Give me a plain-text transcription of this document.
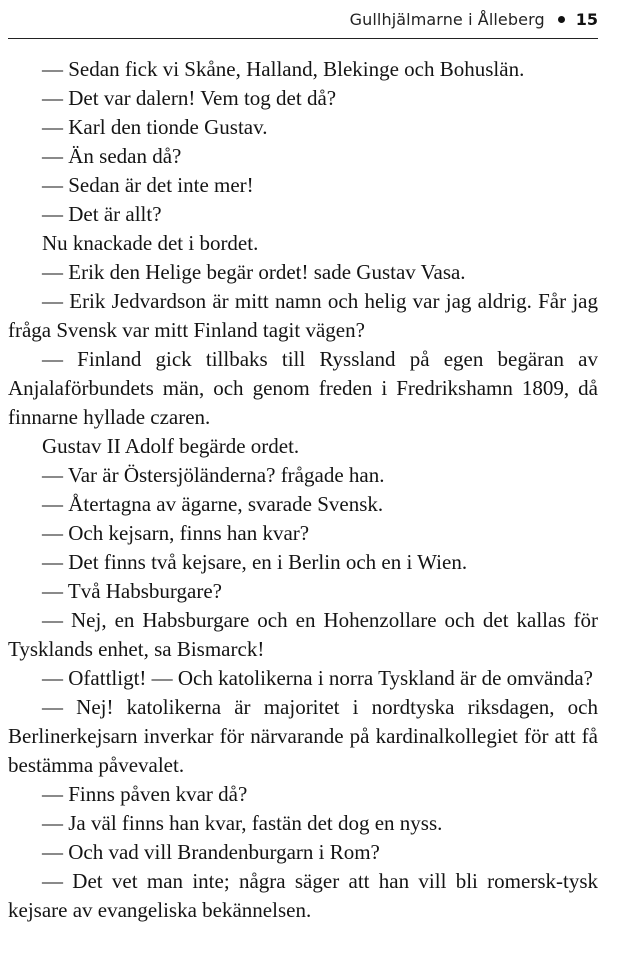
Gullhjälmarne i Ålleberg 15

— Sedan fick vi Skåne, Halland, Blekinge och Bohuslän.

— Det var dalern! Vem tog det då?

— Karl den tionde Gustav.

— Än sedan då?

— Sedan är det inte mer!

— Det är allt?

Nu knackade det i bordet.

— Erik den Helige begär ordet! sade Gustav Vasa.

— Erik Jedvardson är mitt namn och helig var jag aldrig. Får jag fråga Svensk var mitt Finland tagit vägen?

— Finland gick tillbaks till Ryssland på egen begäran av Anjalaförbundets män, och genom freden i Fredrikshamn 1809, då finnarne hyllade czaren.

Gustav II Adolf begärde ordet.

— Var är Östersjöländerna? frågade han.

— Återtagna av ägarne, svarade Svensk.

— Och kejsarn, finns han kvar?

— Det finns två kejsare, en i Berlin och en i Wien.

— Två Habsburgare?

— Nej, en Habsburgare och en Hohenzollare och det kallas för Tysklands enhet, sa Bismarck!

— Ofattligt! — Och katolikerna i norra Tyskland är de omvända?

— Nej! katolikerna är majoritet i nordtyska riksdagen, och Berlinerkejsarn inverkar för närvarande på kardinalkollegiet för att få bestämma påvevalet.

— Finns påven kvar då?

— Ja väl finns han kvar, fastän det dog en nyss.

— Och vad vill Brandenburgarn i Rom?

— Det vet man inte; några säger att han vill bli romersk-tysk kejsare av evangeliska bekännelsen.
